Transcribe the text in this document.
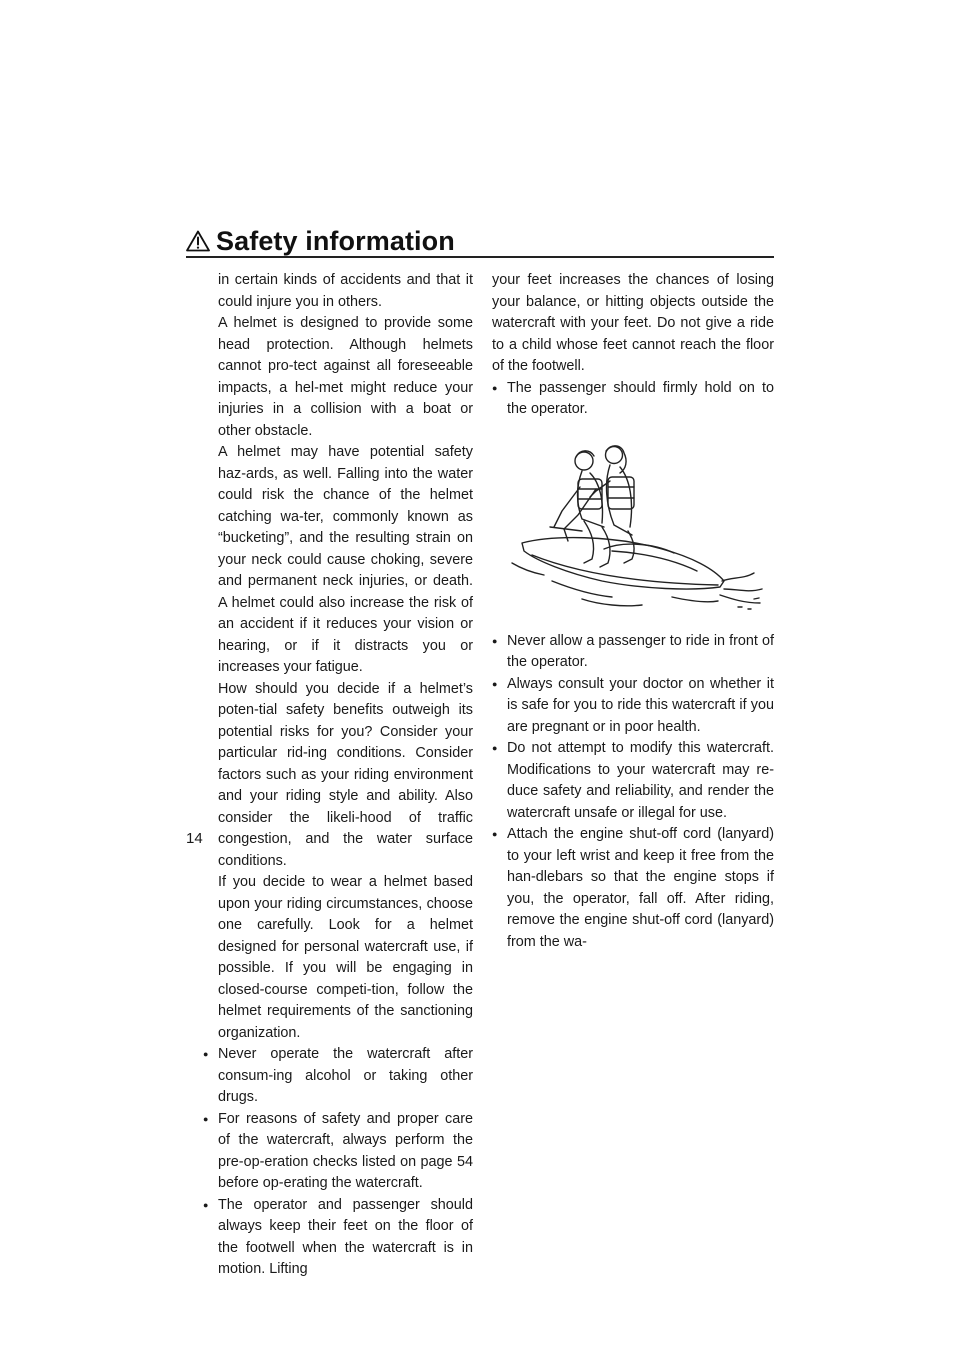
Safety information

in certain kinds of accidents and that it could injure you in others.

A helmet is designed to provide some head protection. Although helmets cannot pro-tect against all foreseeable impacts, a hel-met might reduce your injuries in a collision with a boat or other obstacle.

A helmet may have potential safety haz-ards, as well. Falling into the water could risk the chance of the helmet catching wa-ter, commonly known as “bucketing”, and the resulting strain on your neck could cause choking, severe and permanent neck injuries, or death. A helmet could also increase the risk of an accident if it reduces your vision or hearing, or if it distracts you or increases your fatigue.

How should you decide if a helmet’s poten-tial safety benefits outweigh its potential risks for you? Consider your particular rid-ing conditions. Consider factors such as your riding environment and your riding style and ability. Also consider the likeli-hood of traffic congestion, and the water surface conditions.

If you decide to wear a helmet based upon your riding circumstances, choose one carefully. Look for a helmet designed for personal watercraft use, if possible. If you will be engaging in closed-course competi-tion, follow the helmet requirements of the sanctioning organization.

● Never operate the watercraft after consum-ing alcohol or taking other drugs.
● For reasons of safety and proper care of the watercraft, always perform the pre-op-eration checks listed on page 54 before op-erating the watercraft.
● The operator and passenger should always keep their feet on the floor of the footwell when the watercraft is in motion. Lifting

your feet increases the chances of losing your balance, or hitting objects outside the watercraft with your feet. Do not give a ride to a child whose feet cannot reach the floor of the footwell.

● The passenger should firmly hold on to the operator.
● Never allow a passenger to ride in front of the operator.
● Always consult your doctor on whether it is safe for you to ride this watercraft if you are pregnant or in poor health.
● Do not attempt to modify this watercraft. Modifications to your watercraft may re-duce safety and reliability, and render the watercraft unsafe or illegal for use.
● Attach the engine shut-off cord (lanyard) to your left wrist and keep it free from the han-dlebars so that the engine stops if you, the operator, fall off. After riding, remove the engine shut-off cord (lanyard) from the wa-
14
